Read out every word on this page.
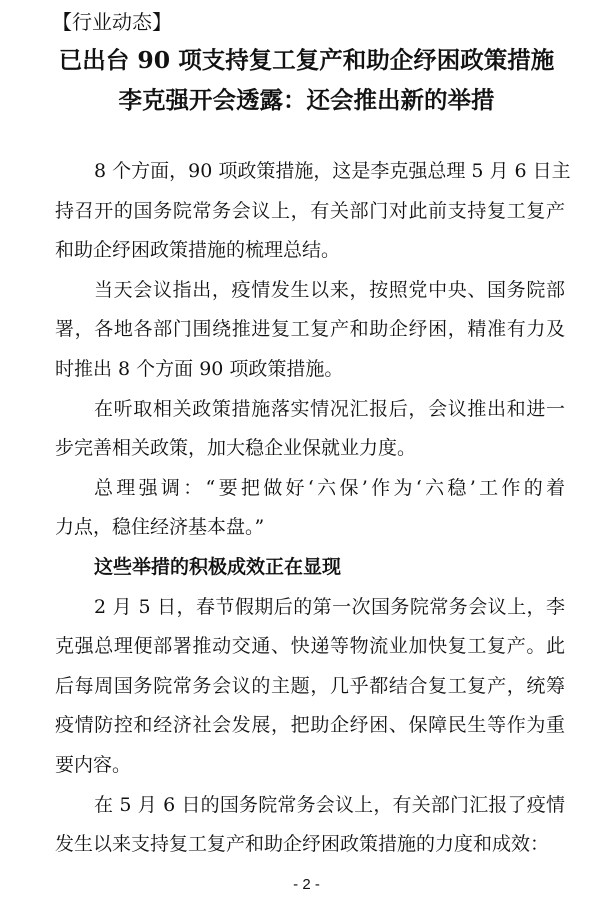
【行业动态】
已出台 90 项支持复工复产和助企纾困政策措施
李克强开会透露：还会推出新的举措
8 个方面，90 项政策措施，这是李克强总理 5 月 6 日主
持召开的国务院常务会议上，有关部门对此前支持复工复产
和助企纾困政策措施的梳理总结。
当天会议指出，疫情发生以来，按照党中央、国务院部
署，各地各部门围绕推进复工复产和助企纾困，精准有力及
时推出 8 个方面 90 项政策措施。
在听取相关政策措施落实情况汇报后，会议推出和进一
步完善相关政策，加大稳企业保就业力度。
总理强调：“要把做好‘六保’作为‘六稳’工作的着
力点，稳住经济基本盘。”
这些举措的积极成效正在显现
2 月 5 日，春节假期后的第一次国务院常务会议上，李
克强总理便部署推动交通、快递等物流业加快复工复产。此
后每周国务院常务会议的主题，几乎都结合复工复产，统筹
疫情防控和经济社会发展，把助企纾困、保障民生等作为重
要内容。
在 5 月 6 日的国务院常务会议上，有关部门汇报了疫情
发生以来支持复工复产和助企纾困政策措施的力度和成效：
- 2 -
